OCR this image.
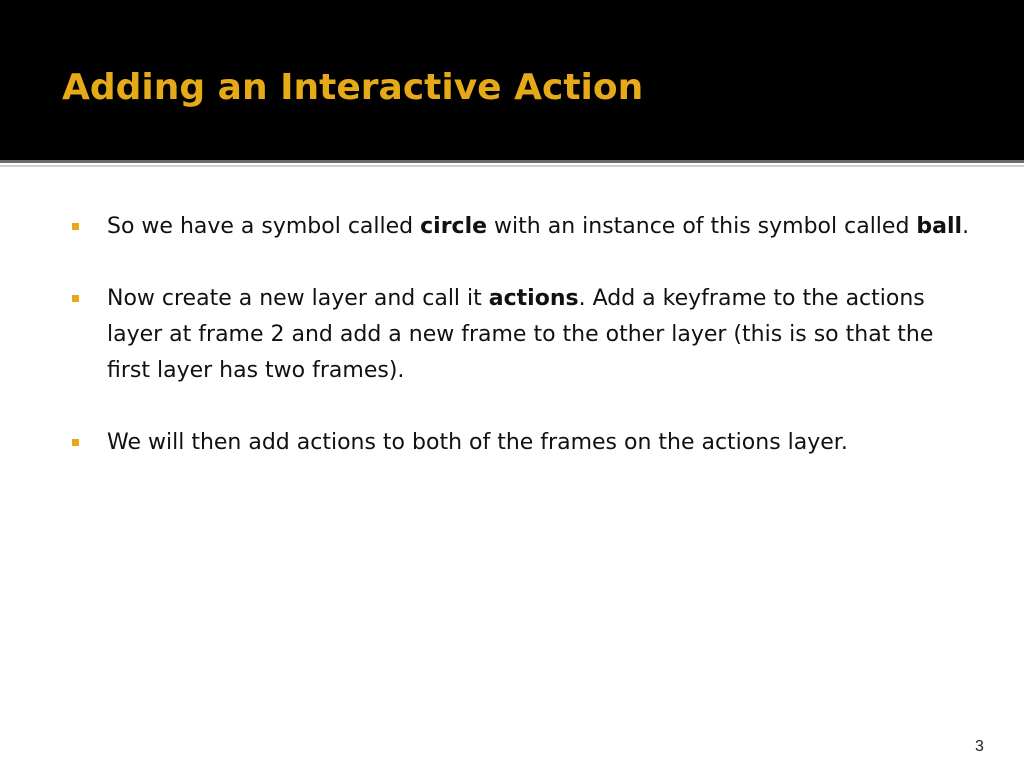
Adding an Interactive Action
So we have a symbol called circle with an instance of this symbol called ball.
Now create a new layer and call it actions. Add a keyframe to the actions layer at frame 2 and add a new frame to the other layer (this is so that the first layer has two frames).
We will then add actions to both of the frames on the actions layer.
3
